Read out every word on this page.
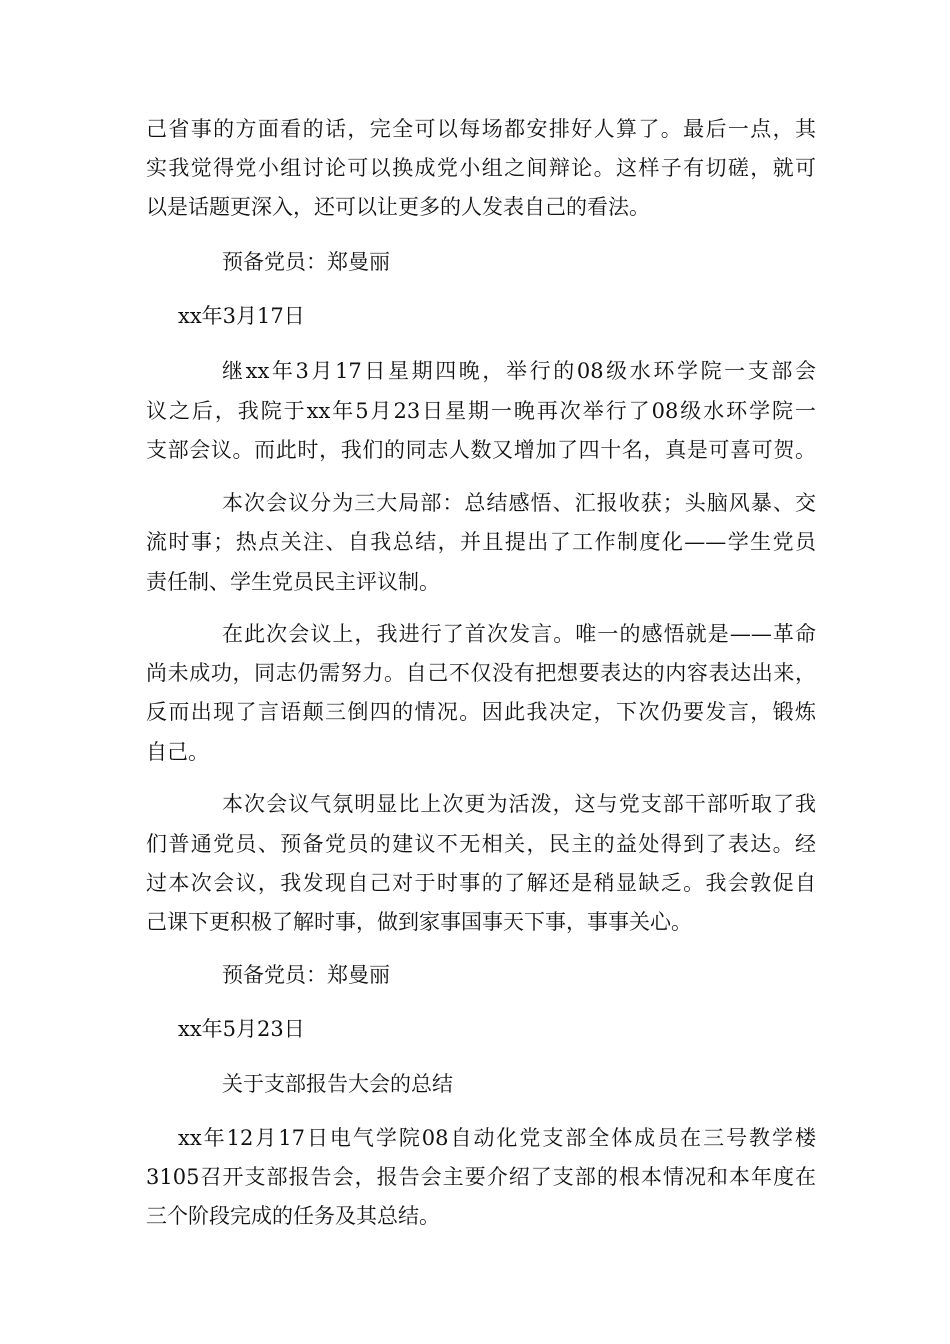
己省事的方面看的话，完全可以每场都安排好人算了。最后一点，其
实我觉得党小组讨论可以换成党小组之间辩论。这样子有切磋，就可
以是话题更深入，还可以让更多的人发表自己的看法。
预备党员：郑曼丽
xx年3月17日
继xx年3月17日星期四晚，举行的08级水环学院一支部会
议之后，我院于xx年5月23日星期一晚再次举行了08级水环学院一
支部会议。而此时，我们的同志人数又增加了四十名，真是可喜可贺。
本次会议分为三大局部：总结感悟、汇报收获；头脑风暴、交
流时事；热点关注、自我总结，并且提出了工作制度化——学生党员
责任制、学生党员民主评议制。
在此次会议上，我进行了首次发言。唯一的感悟就是——革命
尚未成功，同志仍需努力。自己不仅没有把想要表达的内容表达出来，
反而出现了言语颠三倒四的情况。因此我决定，下次仍要发言，锻炼
自己。
本次会议气氛明显比上次更为活泼，这与党支部干部听取了我
们普通党员、预备党员的建议不无相关，民主的益处得到了表达。经
过本次会议，我发现自己对于时事的了解还是稍显缺乏。我会敦促自
己课下更积极了解时事，做到家事国事天下事，事事关心。
预备党员：郑曼丽
xx年5月23日
关于支部报告大会的总结
xx年12月17日电气学院08自动化党支部全体成员在三号教学楼
3105召开支部报告会，报告会主要介绍了支部的根本情况和本年度在
三个阶段完成的任务及其总结。
